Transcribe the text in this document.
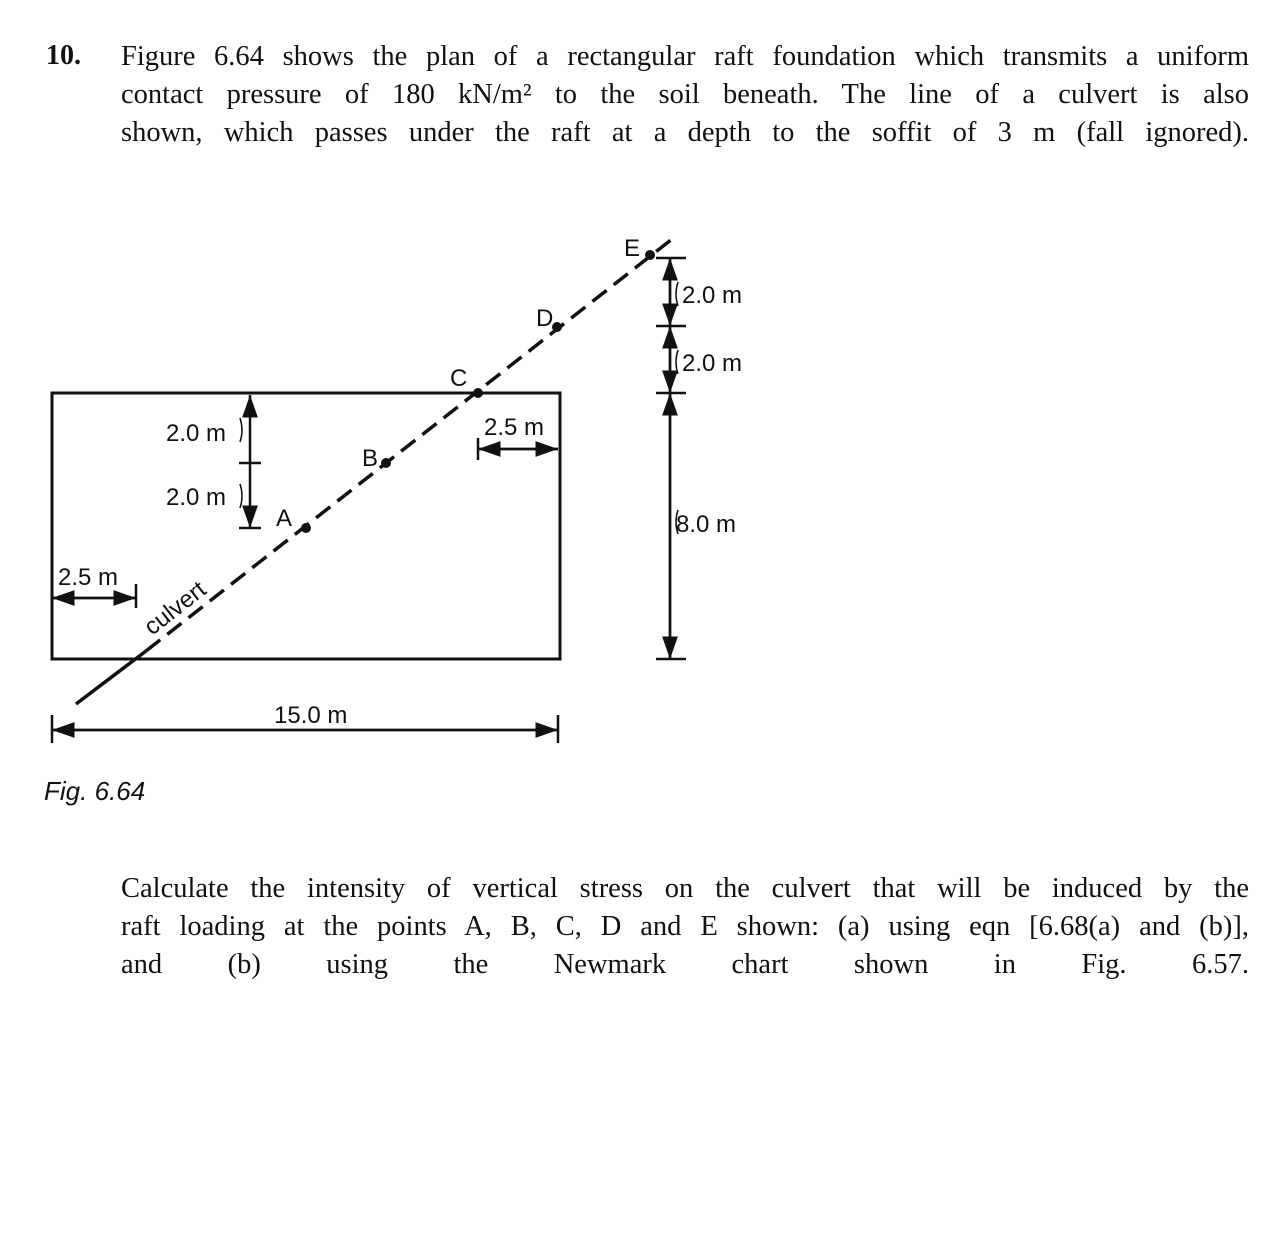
10. Figure 6.64 shows the plan of a rectangular raft foundation which transmits a uniform
contact pressure of 180 kN/m² to the soil beneath. The line of a culvert is also
shown, which passes under the raft at a depth to the soffit of 3 m (fall ignored).
culvert
A
B
C
D
E
2.0 m
2.0 m
2.5 m
2.5 m
15.0 m
2.0 m
2.0 m
8.0 m
Fig. 6.64
Calculate the intensity of vertical stress on the culvert that will be induced by the
raft loading at the points A, B, C, D and E shown: (a) using eqn [6.68(a) and (b)],
and (b) using the Newmark chart shown in Fig. 6.57.
